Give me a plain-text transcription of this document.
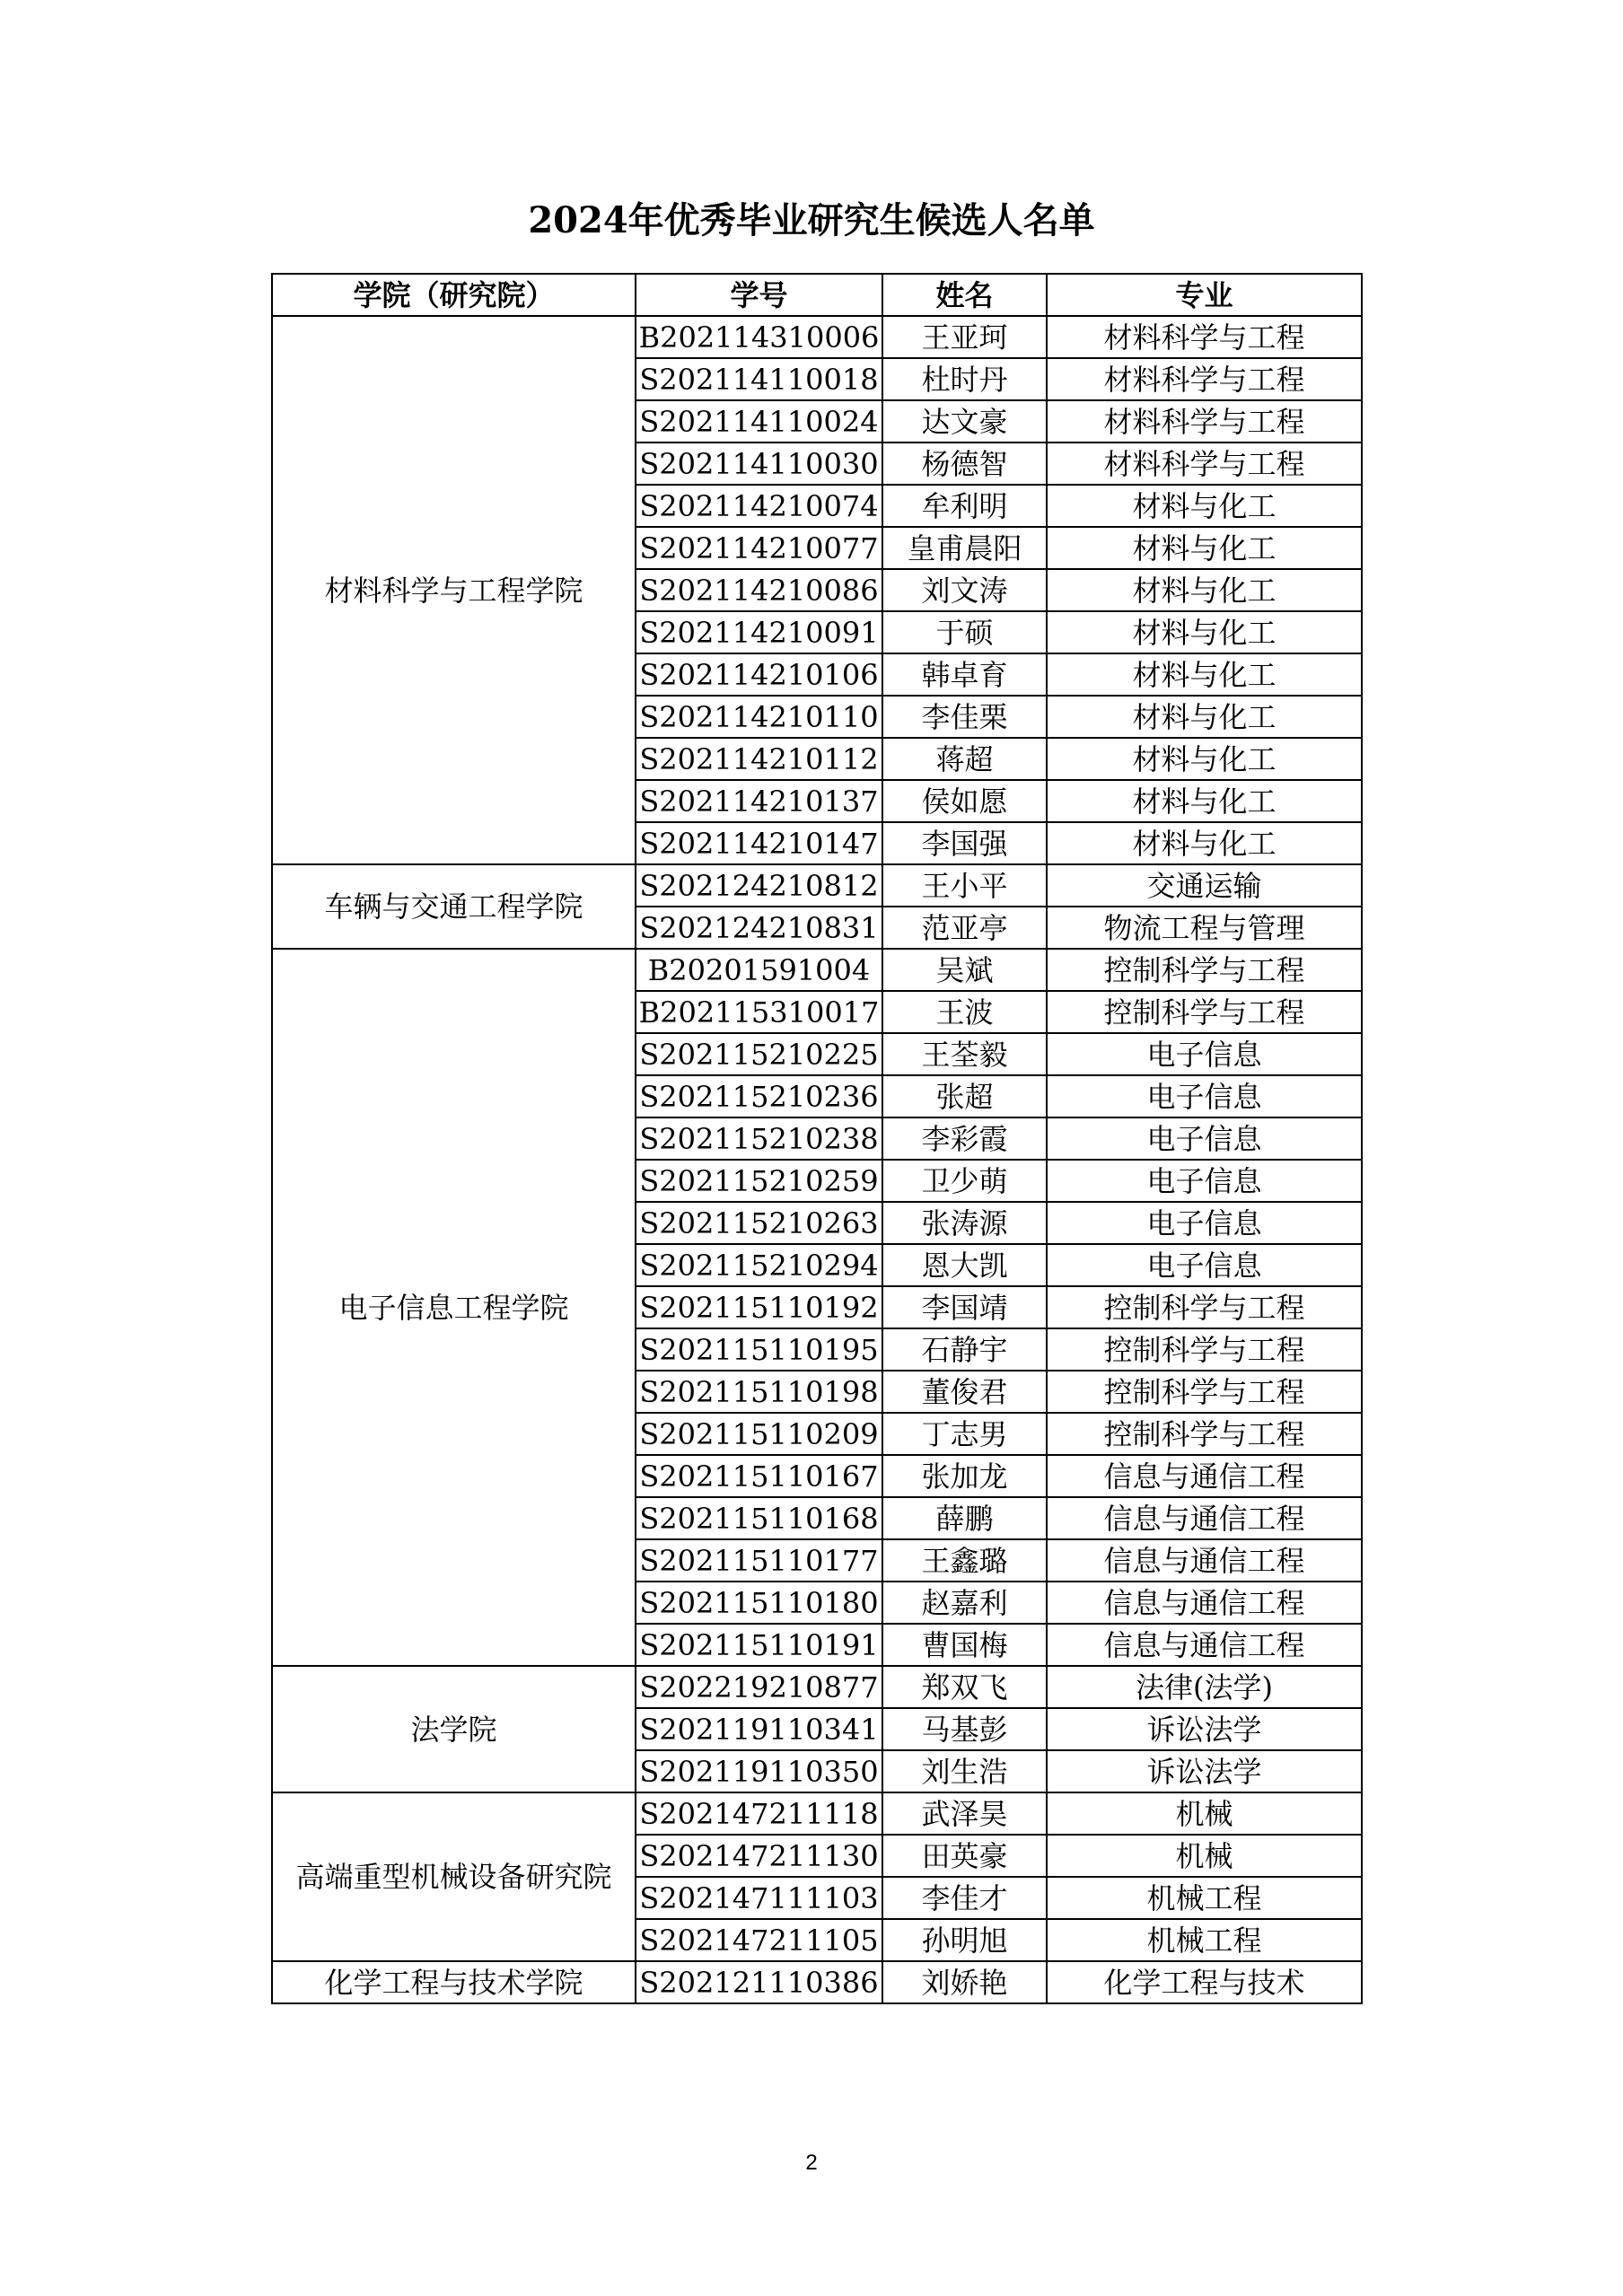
2024年优秀毕业研究生候选人名单
学院（研究院）	学号	姓名	专业
材料科学与工程学院	B202114310006	王亚珂	材料科学与工程
	S202114110018	杜时丹	材料科学与工程
	S202114110024	达文豪	材料科学与工程
	S202114110030	杨德智	材料科学与工程
	S202114210074	牟利明	材料与化工
	S202114210077	皇甫晨阳	材料与化工
	S202114210086	刘文涛	材料与化工
	S202114210091	于硕	材料与化工
	S202114210106	韩卓育	材料与化工
	S202114210110	李佳栗	材料与化工
	S202114210112	蒋超	材料与化工
	S202114210137	侯如愿	材料与化工
	S202114210147	李国强	材料与化工
车辆与交通工程学院	S202124210812	王小平	交通运输
	S202124210831	范亚亭	物流工程与管理
电子信息工程学院	B20201591004	吴斌	控制科学与工程
	B202115310017	王波	控制科学与工程
	S202115210225	王荃毅	电子信息
	S202115210236	张超	电子信息
	S202115210238	李彩霞	电子信息
	S202115210259	卫少萌	电子信息
	S202115210263	张涛源	电子信息
	S202115210294	恩大凯	电子信息
	S202115110192	李国靖	控制科学与工程
	S202115110195	石静宇	控制科学与工程
	S202115110198	董俊君	控制科学与工程
	S202115110209	丁志男	控制科学与工程
	S202115110167	张加龙	信息与通信工程
	S202115110168	薛鹏	信息与通信工程
	S202115110177	王鑫璐	信息与通信工程
	S202115110180	赵嘉利	信息与通信工程
	S202115110191	曹国梅	信息与通信工程
法学院	S202219210877	郑双飞	法律(法学)
	S202119110341	马基彭	诉讼法学
	S202119110350	刘生浩	诉讼法学
高端重型机械设备研究院	S202147211118	武泽昊	机械
	S202147211130	田英豪	机械
	S202147111103	李佳才	机械工程
	S202147211105	孙明旭	机械工程
化学工程与技术学院	S202121110386	刘娇艳	化学工程与技术
2
